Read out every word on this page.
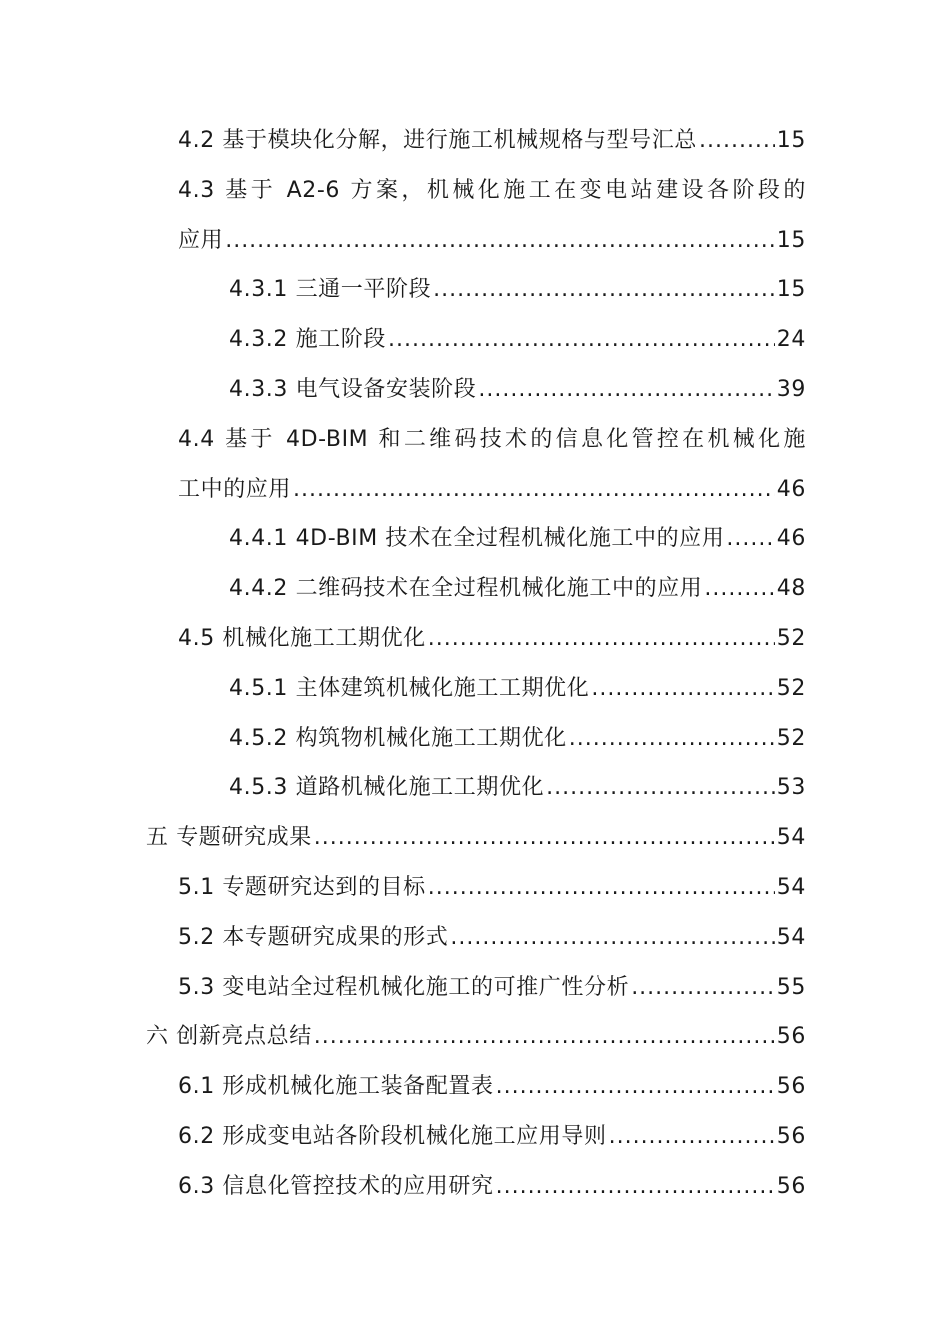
4.2 基于模块化分解，进行施工机械规格与型号汇总 .....	15
4.3 基于 A2-6 方案，机械化施工在变电站建设各阶段的
应用 .....	15
4.3.1 三通一平阶段 .....	15
4.3.2 施工阶段 .....	24
4.3.3 电气设备安装阶段 .....	39
4.4 基于 4D-BIM 和二维码技术的信息化管控在机械化施
工中的应用 .....	46
4.4.1 4D-BIM 技术在全过程机械化施工中的应用 ..... 46
4.4.2 二维码技术在全过程机械化施工中的应用 .....	48
4.5 机械化施工工期优化 .....	52
4.5.1 主体建筑机械化施工工期优化 .....	52
4.5.2 构筑物机械化施工工期优化 .....	52
4.5.3 道路机械化施工工期优化 .....	53
五 专题研究成果 .....	54
5.1 专题研究达到的目标 .....	54
5.2 本专题研究成果的形式 .....	54
5.3 变电站全过程机械化施工的可推广性分析 .....	55
六 创新亮点总结 .....	56
6.1 形成机械化施工装备配置表 .....	56
6.2 形成变电站各阶段机械化施工应用导则 .....	56
6.3 信息化管控技术的应用研究 .....	56
